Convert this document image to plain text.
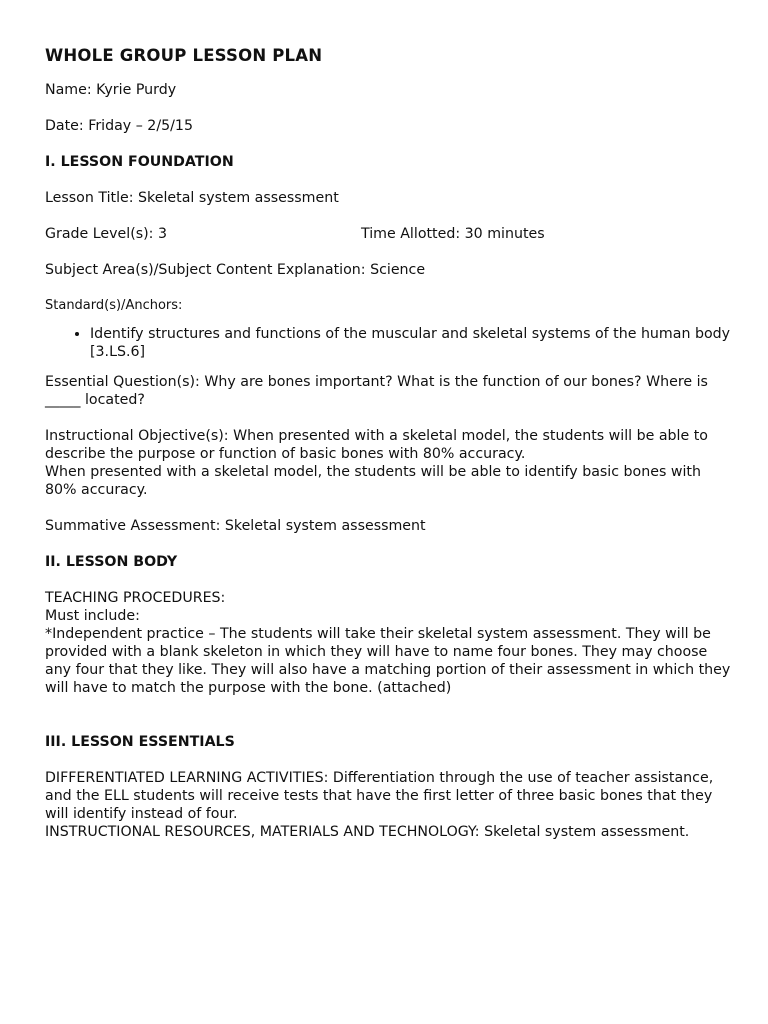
WHOLE GROUP LESSON PLAN

Name: Kyrie Purdy

Date: Friday – 2/5/15

I. LESSON FOUNDATION

Lesson Title: Skeletal system assessment

Grade Level(s): 3	Time Allotted: 30 minutes

Subject Area(s)/Subject Content Explanation: Science

Standard(s)/Anchors:

• Identify structures and functions of the muscular and skeletal systems of the human body [3.LS.6]

Essential Question(s): Why are bones important? What is the function of our bones? Where is _____ located?

Instructional Objective(s): When presented with a skeletal model, the students will be able to describe the purpose or function of basic bones with 80% accuracy.

When presented with a skeletal model, the students will be able to identify basic bones with 80% accuracy.

Summative Assessment: Skeletal system assessment

II. LESSON BODY

TEACHING PROCEDURES:

Must include:

*Independent practice – The students will take their skeletal system assessment. They will be provided with a blank skeleton in which they will have to name four bones. They may choose any four that they like. They will also have a matching portion of their assessment in which they will have to match the purpose with the bone. (attached)

III. LESSON ESSENTIALS

DIFFERENTIATED LEARNING ACTIVITIES: Differentiation through the use of teacher assistance, and the ELL students will receive tests that have the first letter of three basic bones that they will identify instead of four.

INSTRUCTIONAL RESOURCES, MATERIALS AND TECHNOLOGY: Skeletal system assessment.
